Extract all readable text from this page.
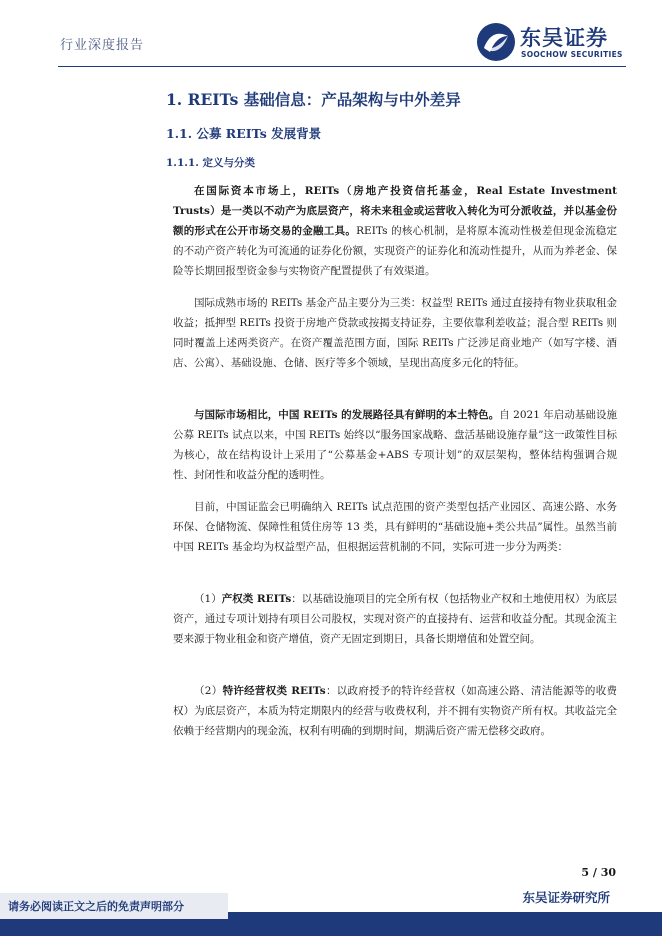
行业深度报告	东吴证券
SOOCHOW SECURITIES
1. REITs 基础信息：产品架构与中外差异
1.1. 公募 REITs 发展背景
1.1.1. 定义与分类

在国际资本市场上，REITs（房地产投资信托基金，Real Estate Investment Trusts）是一类以不动产为底层资产，将未来租金或运营收入转化为可分派收益，并以基金份额的形式在公开市场交易的金融工具。REITs 的核心机制，是将原本流动性极差但现金流稳定的不动产资产转化为可流通的证券化份额，实现资产的证券化和流动性提升，从而为养老金、保险等长期回报型资金参与实物资产配置提供了有效渠道。

国际成熟市场的 REITs 基金产品主要分为三类：权益型 REITs 通过直接持有物业获取租金收益；抵押型 REITs 投资于房地产贷款或按揭支持证券，主要依靠利差收益；混合型 REITs 则同时覆盖上述两类资产。在资产覆盖范围方面，国际 REITs 广泛涉足商业地产（如写字楼、酒店、公寓）、基础设施、仓储、医疗等多个领域，呈现出高度多元化的特征。

与国际市场相比，中国 REITs 的发展路径具有鲜明的本土特色。自 2021 年启动基础设施公募 REITs 试点以来，中国 REITs 始终以“服务国家战略、盘活基础设施存量”这一政策性目标为核心，故在结构设计上采用了“公募基金+ABS 专项计划”的双层架构，整体结构强调合规性、封闭性和收益分配的透明性。

目前，中国证监会已明确纳入 REITs 试点范围的资产类型包括产业园区、高速公路、水务环保、仓储物流、保障性租赁住房等 13 类，具有鲜明的“基础设施+类公共品”属性。虽然当前中国 REITs 基金均为权益型产品，但根据运营机制的不同，实际可进一步分为两类：

（1）产权类 REITs：以基础设施项目的完全所有权（包括物业产权和土地使用权）为底层资产，通过专项计划持有项目公司股权，实现对资产的直接持有、运营和收益分配。其现金流主要来源于物业租金和资产增值，资产无固定到期日，具备长期增值和处置空间。

（2）特许经营权类 REITs：以政府授予的特许经营权（如高速公路、清洁能源等的收费权）为底层资产，本质为特定期限内的经营与收费权利，并不拥有实物资产所有权。其收益完全依赖于经营期内的现金流，权利有明确的到期时间，期满后资产需无偿移交政府。

5 / 30
东吴证券研究所
请务必阅读正文之后的免责声明部分
